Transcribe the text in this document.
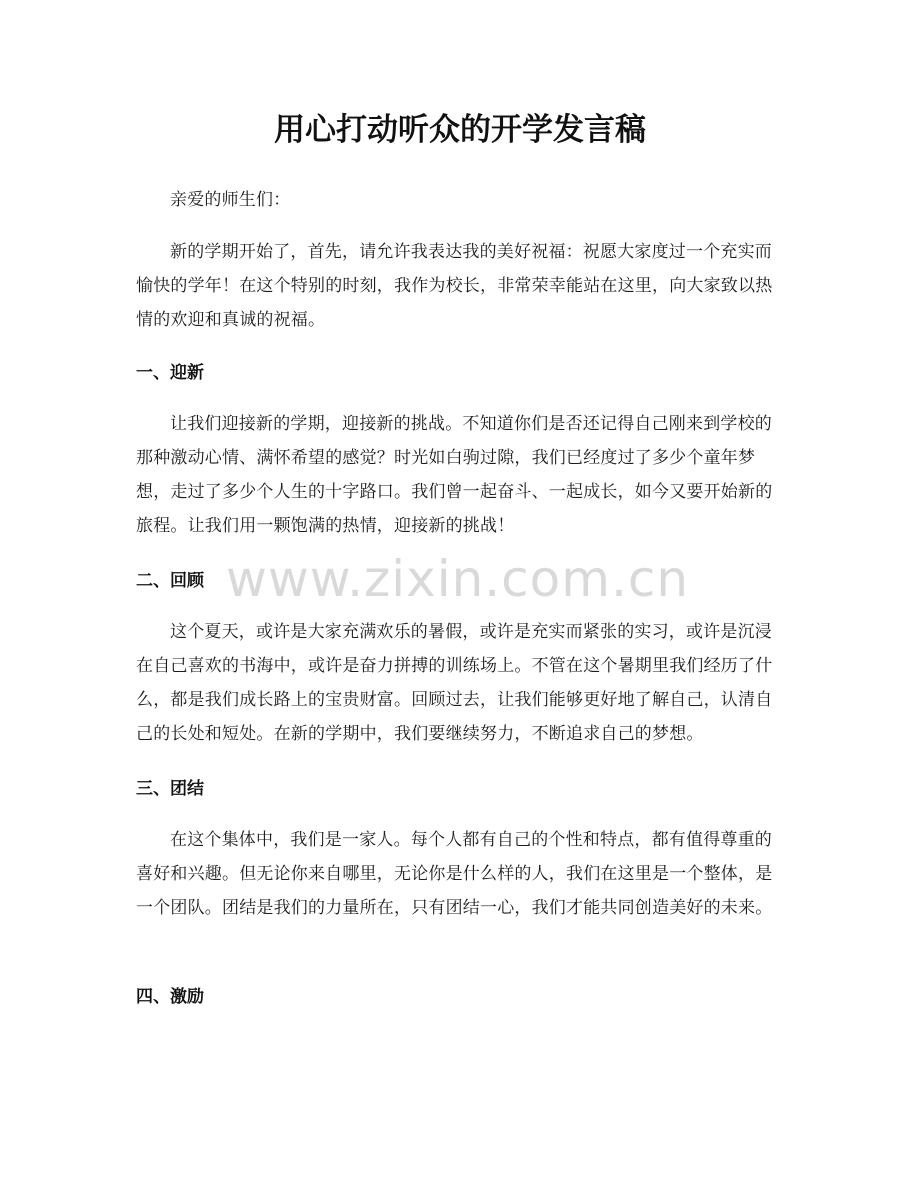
用心打动听众的开学发言稿

亲爱的师生们：

新的学期开始了，首先，请允许我表达我的美好祝福：祝愿大家度过一个充实而愉快的学年！在这个特别的时刻，我作为校长，非常荣幸能站在这里，向大家致以热情的欢迎和真诚的祝福。

一、迎新

让我们迎接新的学期，迎接新的挑战。不知道你们是否还记得自己刚来到学校的那种激动心情、满怀希望的感觉？时光如白驹过隙，我们已经度过了多少个童年梦想，走过了多少个人生的十字路口。我们曾一起奋斗、一起成长，如今又要开始新的旅程。让我们用一颗饱满的热情，迎接新的挑战！

二、回顾

这个夏天，或许是大家充满欢乐的暑假，或许是充实而紧张的实习，或许是沉浸在自己喜欢的书海中，或许是奋力拼搏的训练场上。不管在这个暑期里我们经历了什么，都是我们成长路上的宝贵财富。回顾过去，让我们能够更好地了解自己，认清自己的长处和短处。在新的学期中，我们要继续努力，不断追求自己的梦想。

三、团结

在这个集体中，我们是一家人。每个人都有自己的个性和特点，都有值得尊重的喜好和兴趣。但无论你来自哪里，无论你是什么样的人，我们在这里是一个整体，是一个团队。团结是我们的力量所在，只有团结一心，我们才能共同创造美好的未来。

四、激励
www.zixin.com.cn
